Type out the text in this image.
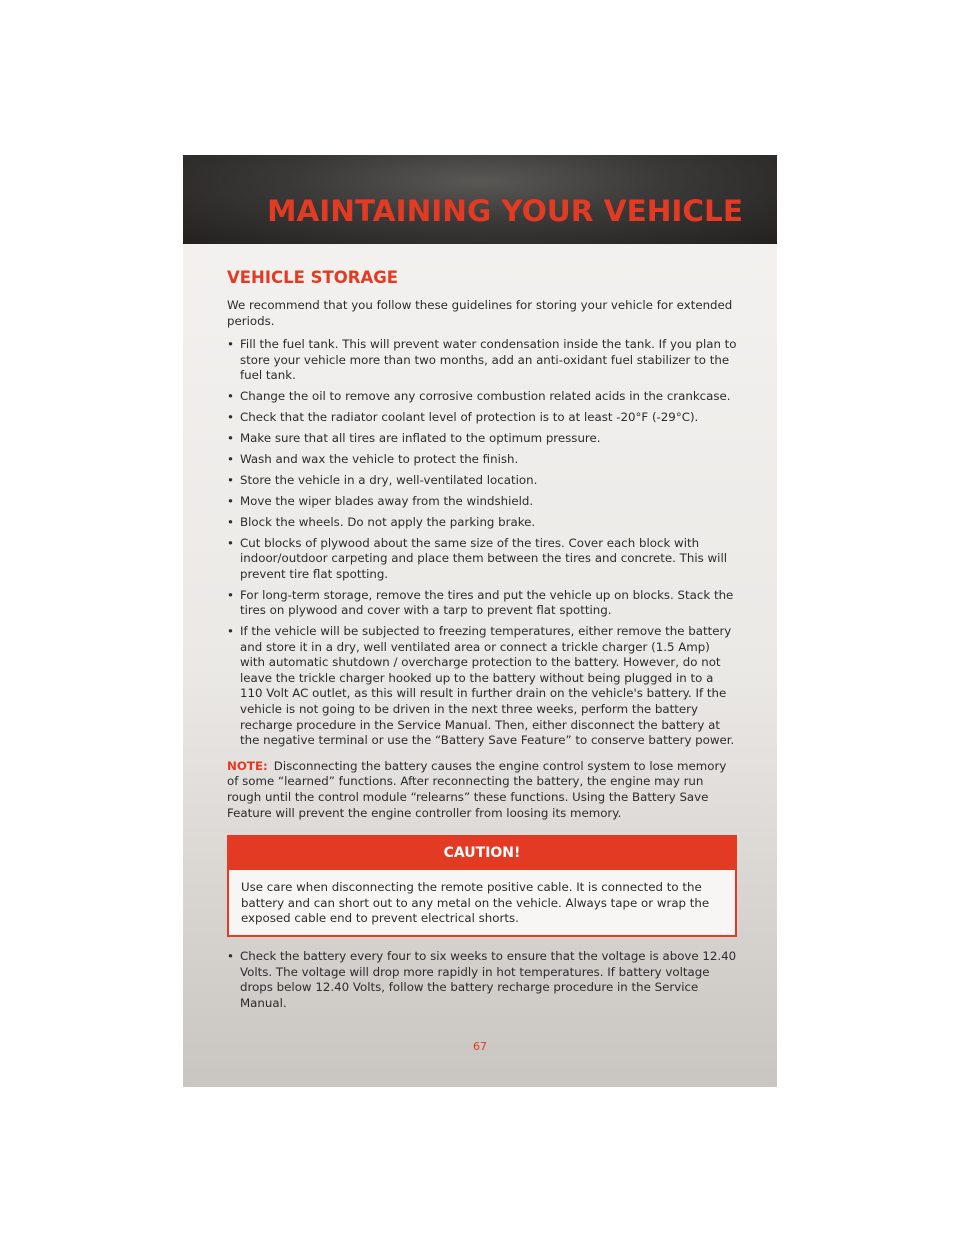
MAINTAINING YOUR VEHICLE
VEHICLE STORAGE

We recommend that you follow these guidelines for storing your vehicle for extended periods.

• Fill the fuel tank. This will prevent water condensation inside the tank. If you plan to store your vehicle more than two months, add an anti-oxidant fuel stabilizer to the fuel tank.
• Change the oil to remove any corrosive combustion related acids in the crankcase.
• Check that the radiator coolant level of protection is to at least -20°F (-29°C).
• Make sure that all tires are inflated to the optimum pressure.
• Wash and wax the vehicle to protect the finish.
• Store the vehicle in a dry, well-ventilated location.
• Move the wiper blades away from the windshield.
• Block the wheels. Do not apply the parking brake.
• Cut blocks of plywood about the same size of the tires. Cover each block with indoor/outdoor carpeting and place them between the tires and concrete. This will prevent tire flat spotting.
• For long-term storage, remove the tires and put the vehicle up on blocks. Stack the tires on plywood and cover with a tarp to prevent flat spotting.
• If the vehicle will be subjected to freezing temperatures, either remove the battery and store it in a dry, well ventilated area or connect a trickle charger (1.5 Amp) with automatic shutdown / overcharge protection to the battery. However, do not leave the trickle charger hooked up to the battery without being plugged in to a 110 Volt AC outlet, as this will result in further drain on the vehicle's battery. If the vehicle is not going to be driven in the next three weeks, perform the battery recharge procedure in the Service Manual. Then, either disconnect the battery at the negative terminal or use the “Battery Save Feature” to conserve battery power.

NOTE: Disconnecting the battery causes the engine control system to lose memory of some “learned” functions. After reconnecting the battery, the engine may run rough until the control module “relearns” these functions. Using the Battery Save Feature will prevent the engine controller from loosing its memory.

CAUTION!
Use care when disconnecting the remote positive cable. It is connected to the battery and can short out to any metal on the vehicle. Always tape or wrap the exposed cable end to prevent electrical shorts.
• Check the battery every four to six weeks to ensure that the voltage is above 12.40 Volts. The voltage will drop more rapidly in hot temperatures. If battery voltage drops below 12.40 Volts, follow the battery recharge procedure in the Service Manual.
67
